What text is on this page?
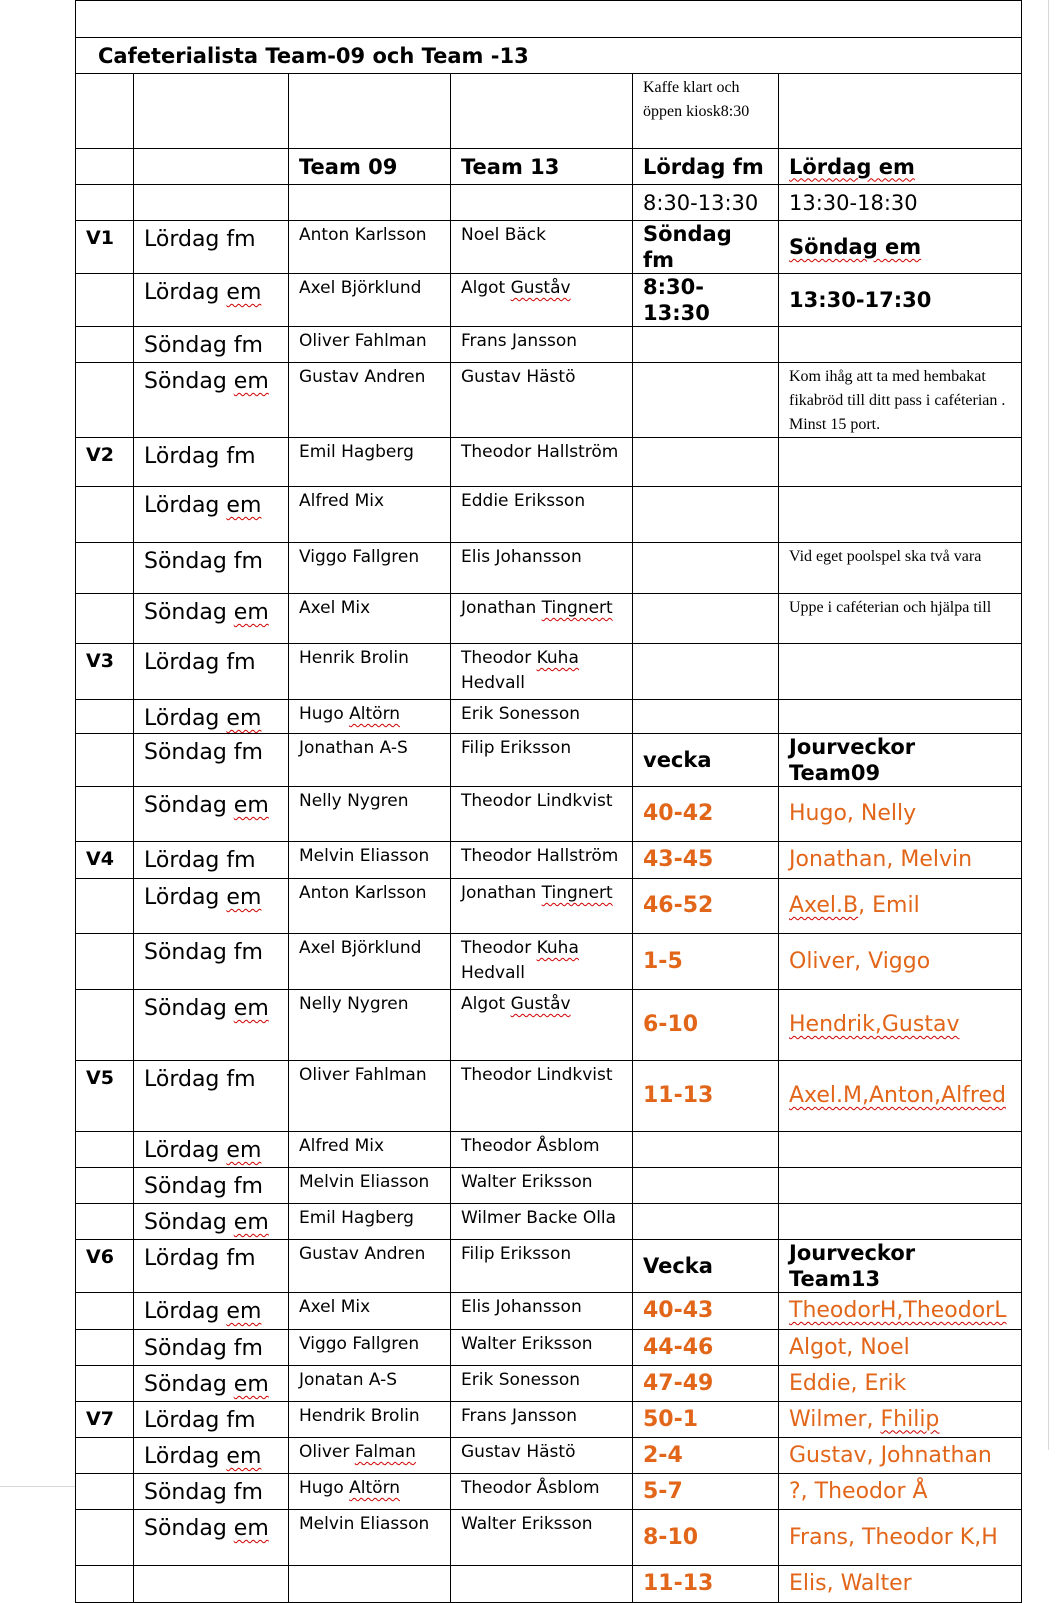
Cafeterialista Team-09 och Team -13					
				Kaffe klart och öppen kiosk8:30	
		Team 09	Team 13	Lördag fm	Lördag em
				8:30-13:30	13:30-18:30
V1	Lördag fm	Anton Karlsson	Noel Bäck	Söndag fm	Söndag em
	Lördag em	Axel Björklund	Algot Guståv	8:30-13:30	13:30-17:30
	Söndag fm	Oliver Fahlman	Frans Jansson		
	Söndag em	Gustav Andren	Gustav Hästö		Kom ihåg att ta med hembakat fikabröd till ditt pass i caféterian . Minst 15 port.
V2	Lördag fm	Emil Hagberg	Theodor Hallström		
	Lördag em	Alfred Mix	Eddie Eriksson		
	Söndag fm	Viggo Fallgren	Elis Johansson		Vid eget poolspel ska två vara
	Söndag em	Axel Mix	Jonathan Tingnert		Uppe i caféterian och hjälpa till
V3	Lördag fm	Henrik Brolin	Theodor Kuha Hedvall		
	Lördag em	Hugo Altörn	Erik Sonesson		
	Söndag fm	Jonathan A-S	Filip Eriksson	vecka	Jourveckor Team09
	Söndag em	Nelly Nygren	Theodor Lindkvist	40-42	Hugo, Nelly
V4	Lördag fm	Melvin Eliasson	Theodor Hallström	43-45	Jonathan, Melvin
	Lördag em	Anton Karlsson	Jonathan Tingnert	46-52	Axel.B, Emil
	Söndag fm	Axel Björklund	Theodor Kuha Hedvall	1-5	Oliver, Viggo
	Söndag em	Nelly Nygren	Algot Guståv	6-10	Hendrik,Gustav
V5	Lördag fm	Oliver Fahlman	Theodor Lindkvist	11-13	Axel.M,Anton,Alfred
	Lördag em	Alfred Mix	Theodor Åsblom		
	Söndag fm	Melvin Eliasson	Walter Eriksson		
	Söndag em	Emil Hagberg	Wilmer Backe Olla		
V6	Lördag fm	Gustav Andren	Filip Eriksson	Vecka	Jourveckor Team13
	Lördag em	Axel Mix	Elis Johansson	40-43	TheodorH,TheodorL
	Söndag fm	Viggo Fallgren	Walter Eriksson	44-46	Algot, Noel
	Söndag em	Jonatan A-S	Erik Sonesson	47-49	Eddie, Erik
V7	Lördag fm	Hendrik Brolin	Frans Jansson	50-1	Wilmer, Fhilip
	Lördag em	Oliver Falman	Gustav Hästö	2-4	Gustav, Johnathan
	Söndag fm	Hugo Altörn	Theodor Åsblom	5-7	?, Theodor Å
	Söndag em	Melvin Eliasson	Walter Eriksson	8-10	Frans, Theodor K,H
				11-13	Elis, Walter
